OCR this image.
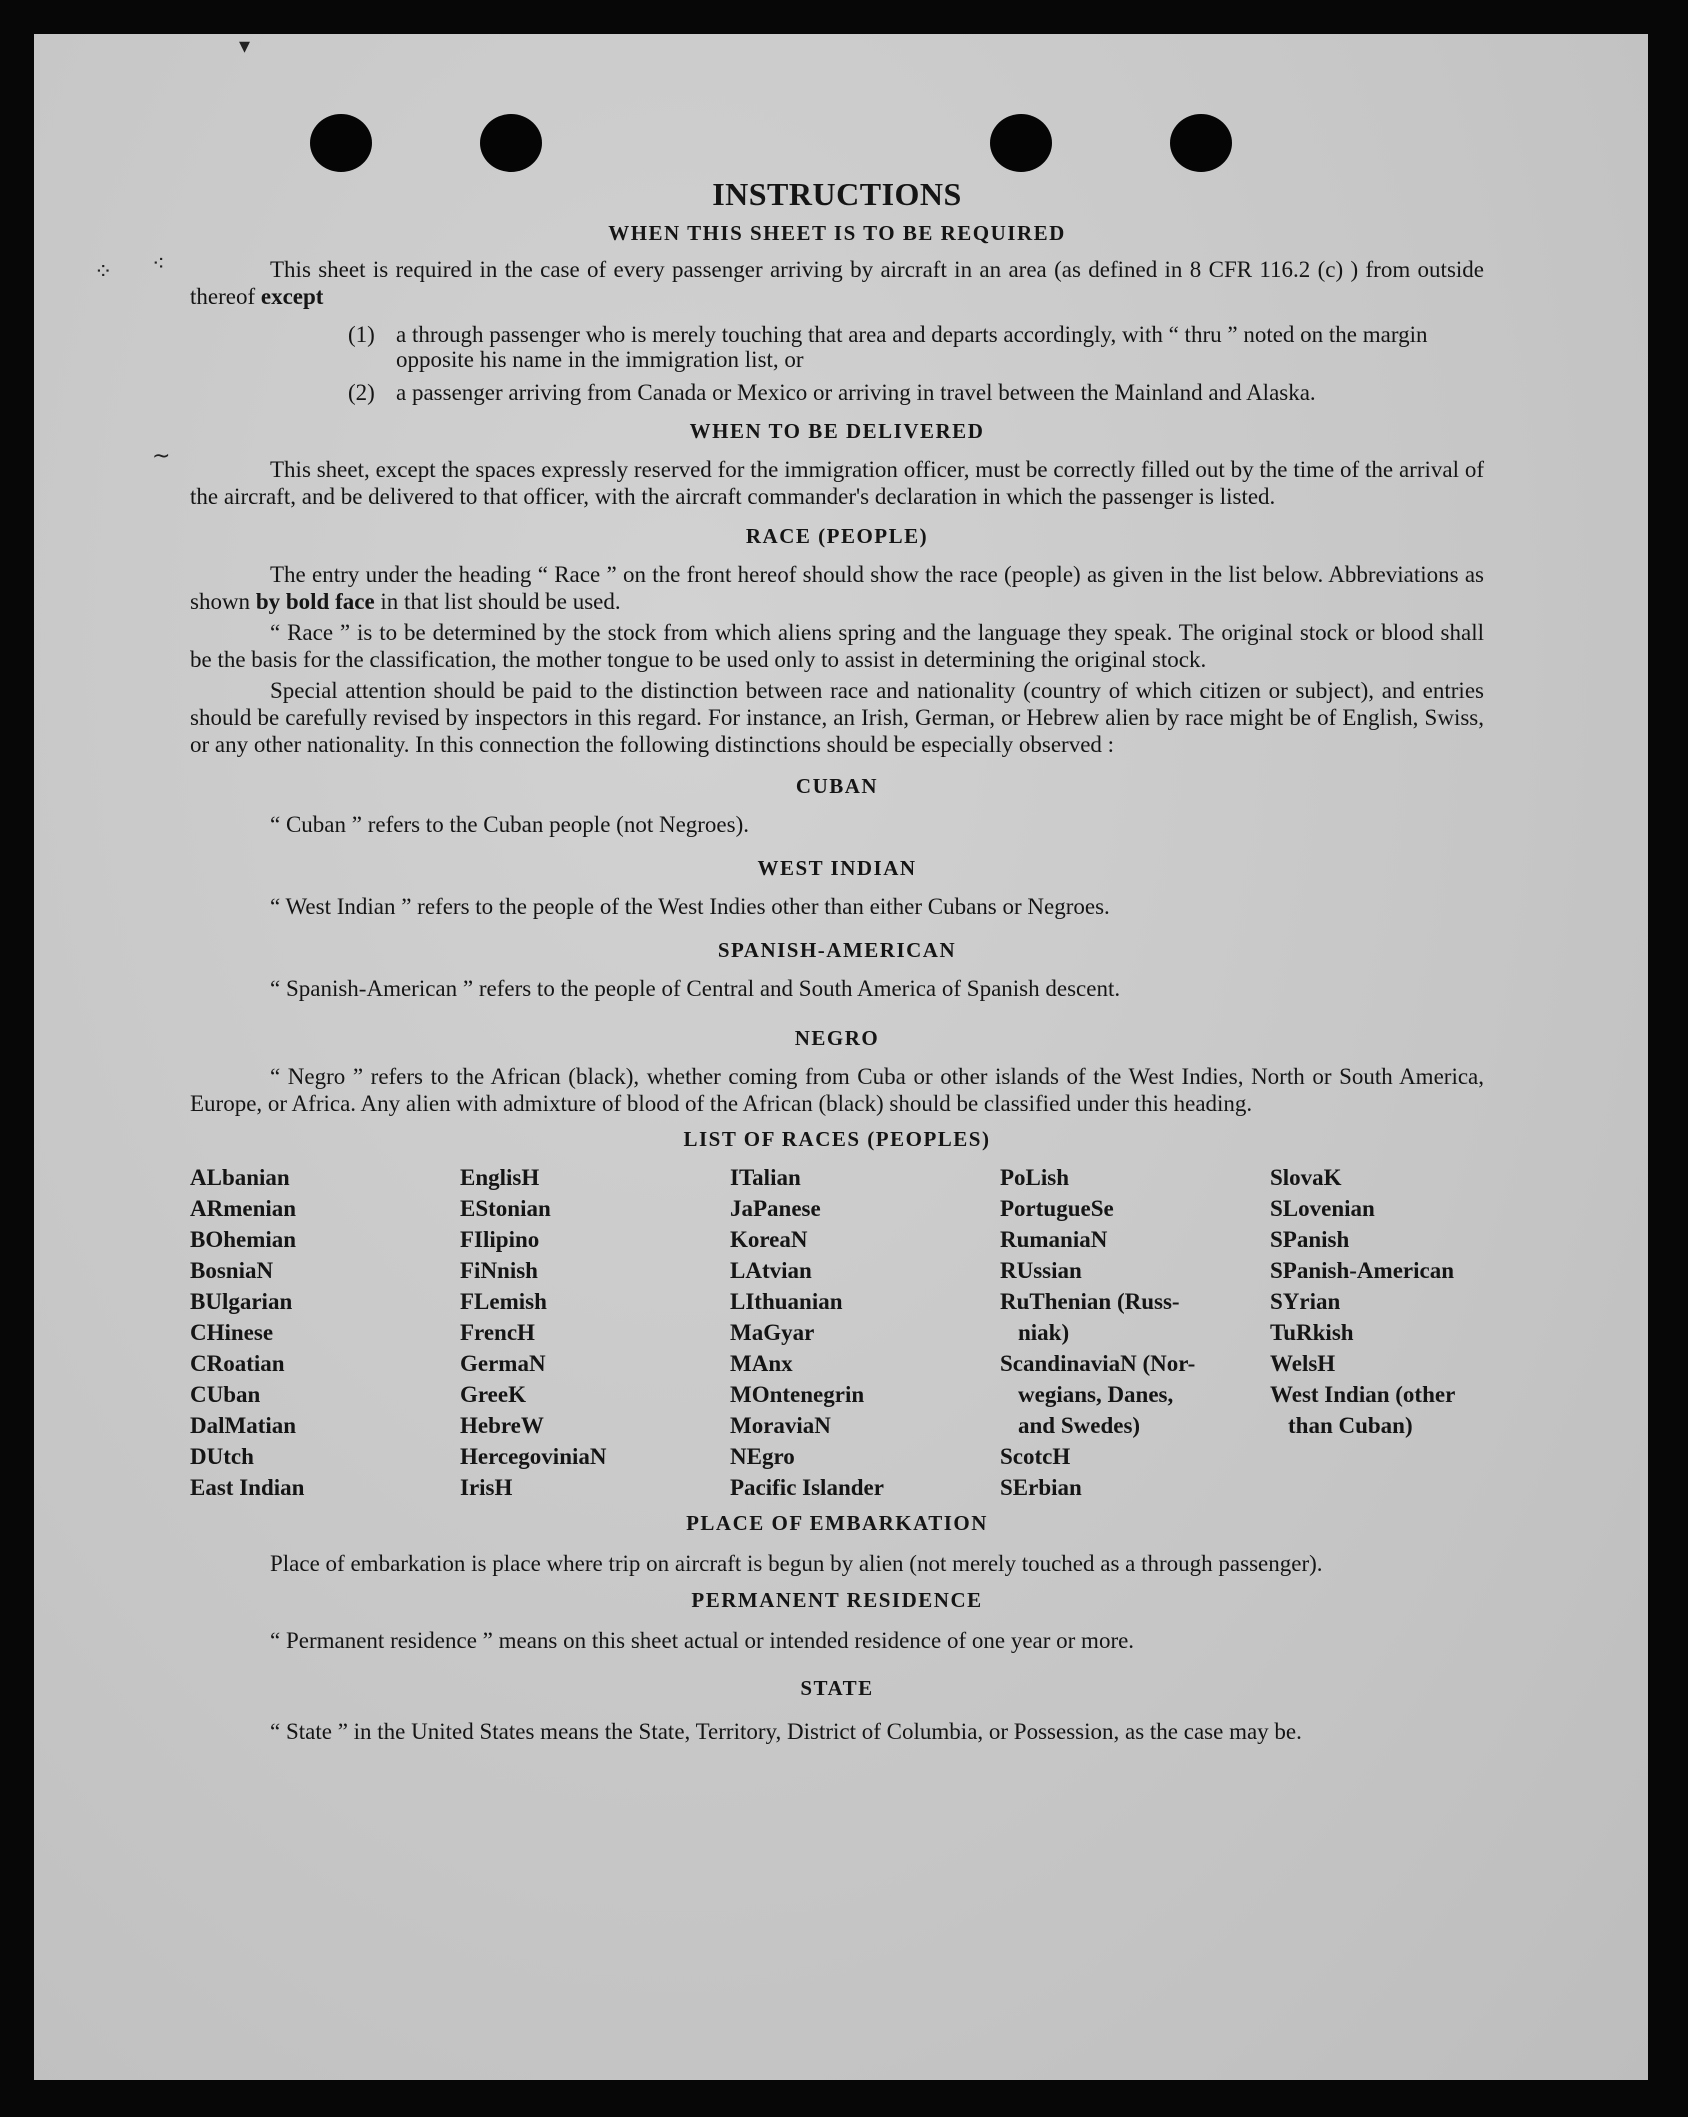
▾
⁖
⁘
~
INSTRUCTIONS
WHEN THIS SHEET IS TO BE REQUIRED

This sheet is required in the case of every passenger arriving by aircraft in an area (as defined in 8 CFR 116.2 (c) ) from outside thereof except

(1) a through passenger who is merely touching that area and departs accordingly, with “ thru ” noted on the margin opposite his name in the immigration list, or
(2) a passenger arriving from Canada or Mexico or arriving in travel between the Mainland and Alaska.
WHEN TO BE DELIVERED

This sheet, except the spaces expressly reserved for the immigration officer, must be correctly filled out by the time of the arrival of the aircraft, and be delivered to that officer, with the aircraft commander's declaration in which the passenger is listed.

RACE (PEOPLE)

The entry under the heading “ Race ” on the front hereof should show the race (people) as given in the list below. Abbreviations as shown by bold face in that list should be used.

“ Race ” is to be determined by the stock from which aliens spring and the language they speak. The original stock or blood shall be the basis for the classification, the mother tongue to be used only to assist in determining the original stock.

Special attention should be paid to the distinction between race and nationality (country of which citizen or subject), and entries should be carefully revised by inspectors in this regard. For instance, an Irish, German, or Hebrew alien by race might be of English, Swiss, or any other nationality. In this connection the following distinctions should be especially observed :

CUBAN

“ Cuban ” refers to the Cuban people (not Negroes).

WEST INDIAN

“ West Indian ” refers to the people of the West Indies other than either Cubans or Negroes.

SPANISH-AMERICAN

“ Spanish-American ” refers to the people of Central and South America of Spanish descent.

NEGRO

“ Negro ” refers to the African (black), whether coming from Cuba or other islands of the West Indies, North or South America, Europe, or Africa. Any alien with admixture of blood of the African (black) should be classified under this heading.

LIST OF RACES (PEOPLES)
ALbanian
ARmenian
BOhemian
BosniaN
BUlgarian
CHinese
CRoatian
CUban
DalMatian
DUtch
East Indian
EnglisH
EStonian
FIlipino
FiNnish
FLemish
FrencH
GermaN
GreeK
HebreW
HercegoviniaN
IrisH
ITalian
JaPanese
KoreaN
LAtvian
LIthuanian
MaGyar
MAnx
MOntenegrin
MoraviaN
NEgro
Pacific Islander
PoLish
PortugueSe
RumaniaN
RUssian
RuThenian (Russ-
niak)
ScandinaviaN (Nor-
wegians, Danes,
and Swedes)
ScotcH
SErbian
SlovaK
SLovenian
SPanish
SPanish-American
SYrian
TuRkish
WelsH
West Indian (other
than Cuban)
PLACE OF EMBARKATION

Place of embarkation is place where trip on aircraft is begun by alien (not merely touched as a through passenger).

PERMANENT RESIDENCE

“ Permanent residence ” means on this sheet actual or intended residence of one year or more.

STATE

“ State ” in the United States means the State, Territory, District of Columbia, or Possession, as the case may be.
